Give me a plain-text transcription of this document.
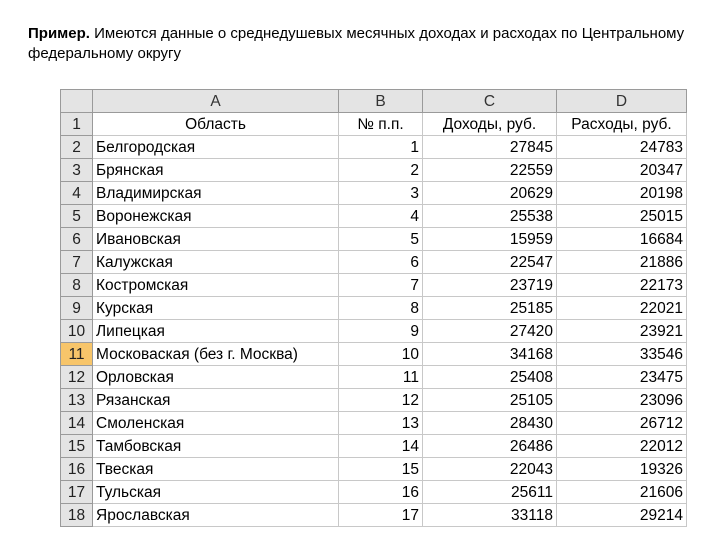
Пример. Имеются данные о среднедушевых месячных доходах и расходах по Центральному федеральному округу
	A	B	C	D
1	Область	№ п.п.	Доходы, руб.	Расходы, руб.
2	Белгородская	1	27845	24783
3	Брянская	2	22559	20347
4	Владимирская	3	20629	20198
5	Воронежская	4	25538	25015
6	Ивановская	5	15959	16684
7	Калужская	6	22547	21886
8	Костромская	7	23719	22173
9	Курская	8	25185	22021
10	Липецкая	9	27420	23921
11	Московаская (без г. Москва)	10	34168	33546
12	Орловская	11	25408	23475
13	Рязанская	12	25105	23096
14	Смоленская	13	28430	26712
15	Тамбовская	14	26486	22012
16	Твеская	15	22043	19326
17	Тульская	16	25611	21606
18	Ярославская	17	33118	29214
